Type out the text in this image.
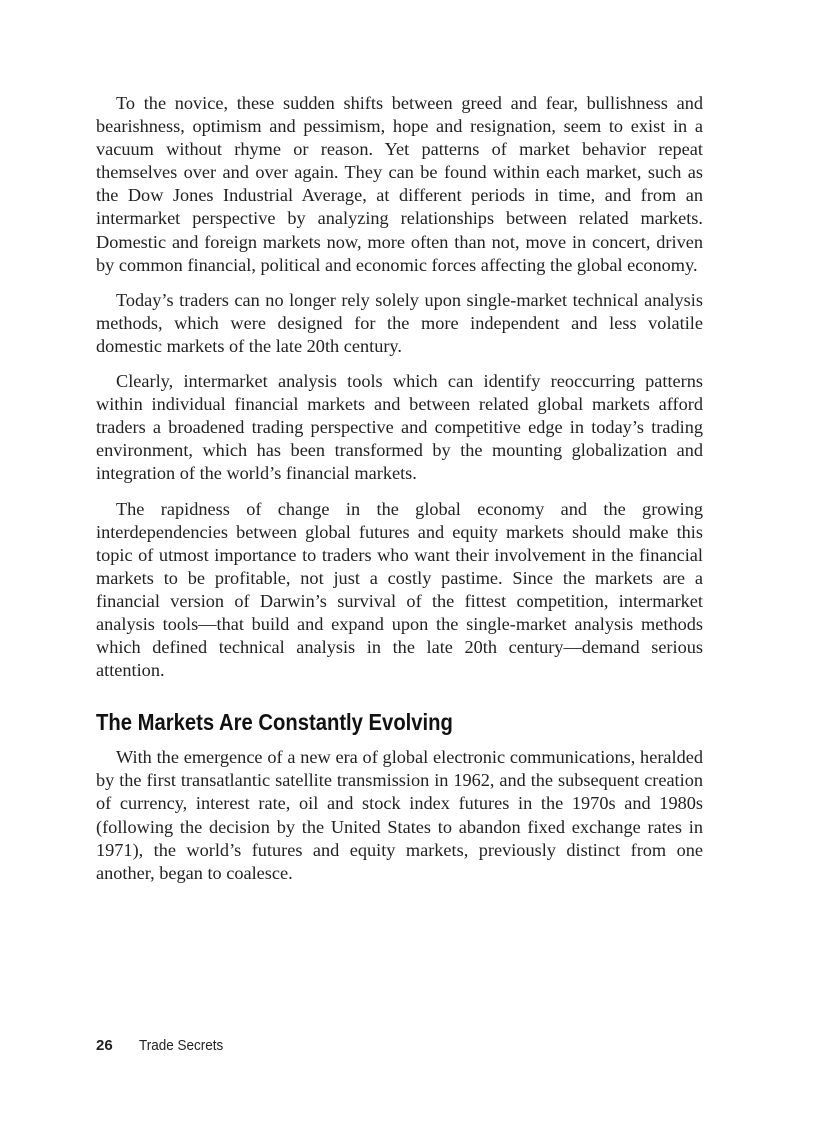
To the novice, these sudden shifts between greed and fear, bullishness and bearishness, optimism and pessimism, hope and resignation, seem to exist in a vacuum without rhyme or reason. Yet patterns of market behavior repeat themselves over and over again. They can be found within each market, such as the Dow Jones Industrial Average, at different periods in time, and from an intermarket perspective by analyzing relationships between related markets. Domestic and foreign markets now, more often than not, move in concert, driven by common financial, political and economic forces affecting the global economy.

Today’s traders can no longer rely solely upon single-market technical analysis methods, which were designed for the more independent and less volatile domestic markets of the late 20th century.

Clearly, intermarket analysis tools which can identify reoccurring patterns within individual financial markets and between related global markets afford traders a broadened trading perspective and competitive edge in today’s trading environment, which has been transformed by the mounting globalization and integration of the world’s financial markets.

The rapidness of change in the global economy and the growing interdependencies between global futures and equity markets should make this topic of utmost importance to traders who want their involvement in the financial markets to be profitable, not just a costly pastime. Since the markets are a financial version of Darwin’s survival of the fittest competition, intermarket analysis tools—that build and expand upon the single-market analysis methods which defined technical analysis in the late 20th century—demand serious attention.

The Markets Are Constantly Evolving

With the emergence of a new era of global electronic communications, heralded by the first transatlantic satellite transmission in 1962, and the subsequent creation of currency, interest rate, oil and stock index futures in the 1970s and 1980s (following the decision by the United States to abandon fixed exchange rates in 1971), the world’s futures and equity markets, previously distinct from one another, began to coalesce.

26 Trade Secrets
